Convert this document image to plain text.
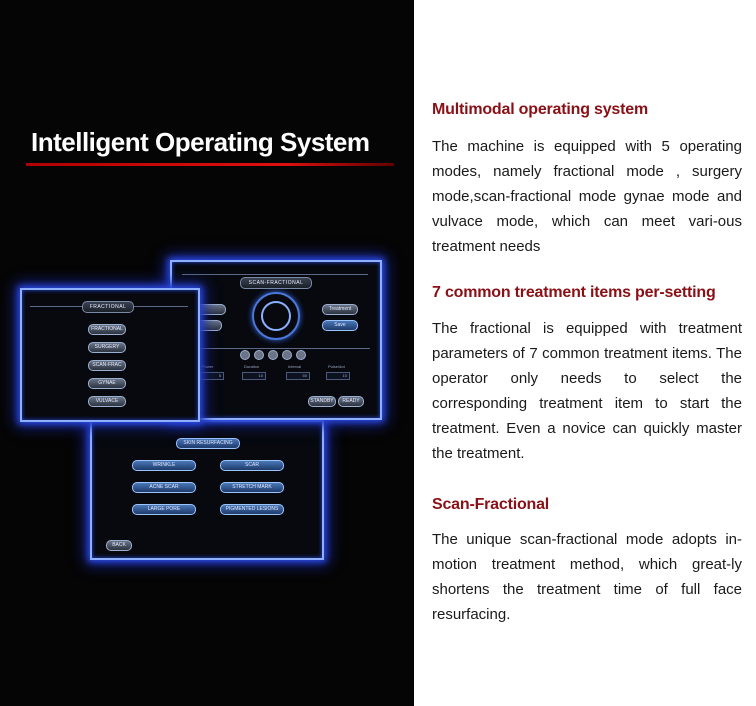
Intelligent Operating System
SKIN RESURFACING
WRINKLE	SCAR
ACNE SCAR	STRETCH MARK
LARGE PORE	PIGMENTED LESIONS
BACK
SCAN-FRACTIONAL
Treatment
Save
Power	Duration	Interval	Pulse/dot
5	10	50	10
STANDBY	READY
FRACTIONAL
FRACTIONAL
SURGERY
SCAN-FRAC
GYNAE
VULVACE
Multimodal operating system

The machine is equipped with 5 operating modes, namely fractional mode , surgery mode,scan-fractional mode gynae mode and vulvace mode, which can meet vari-ous treatment needs

7 common treatment items per-setting

The fractional is equipped with treatment parameters of 7 common treatment items. The operator only needs to select the corresponding treatment item to start the treatment. Even a novice can quickly master the treatment.

Scan-Fractional

The unique scan-fractional mode adopts in-motion treatment method, which great-ly shortens the treatment time of full face resurfacing.
